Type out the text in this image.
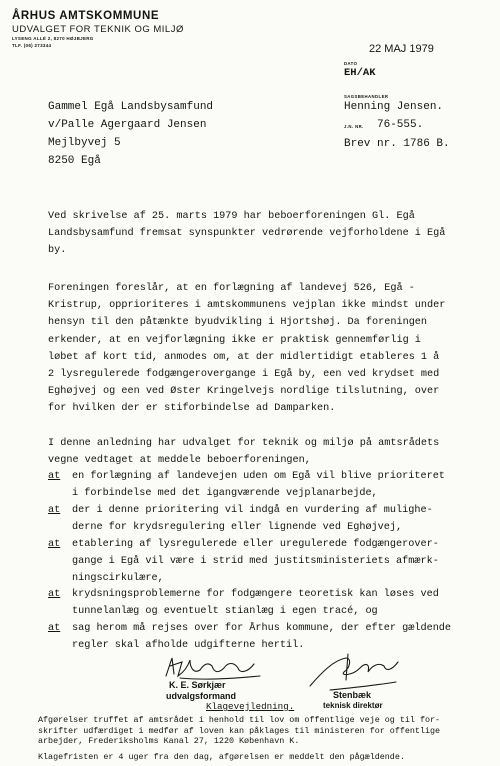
ÅRHUS AMTSKOMMUNE
UDVALGET FOR TEKNIK OG MILJØ
LYSENG ALLÉ 2, 8270 HØJBJERG
TLF. (06) 273344	22 MAJ 1979
DATO
EH/AK
SAGSBEHANDLER
Henning Jensen.
J.N. NR. 76-555.
Brev nr. 1786 B.
Gammel Egå Landsbysamfund
v/Palle Agergaard Jensen
Mejlbyvej 5
8250 Egå

Ved skrivelse af 25. marts 1979 har beboerforeningen Gl. Egå

Landsbysamfund fremsat synspunkter vedrørende vejforholdene i Egå

by.

Foreningen foreslår, at en forlægning af landevej 526, Egå -

Kristrup, opprioriteres i amtskommunens vejplan ikke mindst under

hensyn til den påtænkte byudvikling i Hjortshøj. Da foreningen

erkender, at en vejforlægning ikke er praktisk gennemførlig i

løbet af kort tid, anmodes om, at der midlertidigt etableres 1 å

2 lysregulerede fodgængerovergange i Egå by, een ved krydset med

Eghøjvej og een ved Øster Kringelvejs nordlige tilslutning, over

for hvilken der er stiforbindelse ad Damparken.

I denne anledning har udvalget for teknik og miljø på amtsrådets

vegne vedtaget at meddele beboerforeningen,

at en forlægning af landevejen uden om Egå vil blive prioriteret
i forbindelse med det igangværende vejplanarbejde,
at der i denne prioritering vil indgå en vurdering af mulighe-
derne for krydsregulering eller lignende ved Eghøjvej,
at etablering af lysregulerede eller uregulerede fodgængerover-
gange i Egå vil være i strid med justitsministeriets afmærk-
ningscirkulære,
at krydsningsproblemerne for fodgængere teoretisk kan løses ved
tunnelanlæg og eventuelt stianlæg i egen tracé, og
at sag herom må rejses over for Århus kommune, der efter gældende
regler skal afholde udgifterne hertil.
K. E. Sørkjær
udvalgsformand	Stenbæk
teknisk direktør
Klagevejledning.

Afgørelser truffet af amtsrådet i henhold til lov om offentlige veje og til for-

skrifter udfærdiget i medfør af loven kan påklages til ministeren for offentlige

arbejder, Frederiksholms Kanal 27, 1220 København K.

Klagefristen er 4 uger fra den dag, afgørelsen er meddelt den pågældende.
